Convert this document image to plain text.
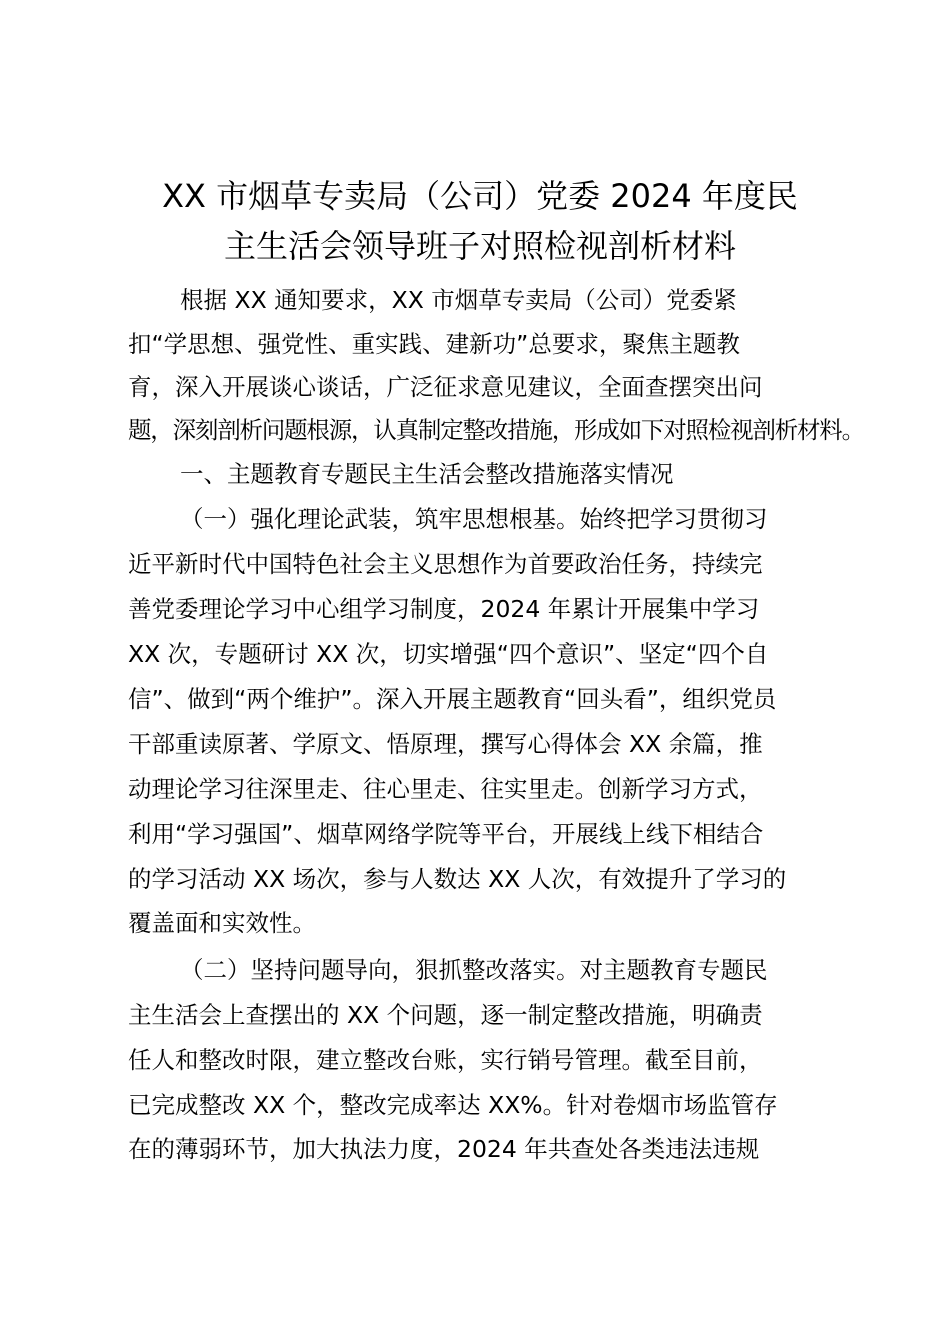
XX 市烟草专卖局（公司）党委 2024 年度民
主生活会领导班子对照检视剖析材料

根据 XX 通知要求，XX 市烟草专卖局（公司）党委紧

扣“学思想、强党性、重实践、建新功”总要求，聚焦主题教

育，深入开展谈心谈话，广泛征求意见建议，全面查摆突出问

题，深刻剖析问题根源，认真制定整改措施，形成如下对照检视剖析材料。

一、主题教育专题民主生活会整改措施落实情况

（一）强化理论武装，筑牢思想根基。始终把学习贯彻习

近平新时代中国特色社会主义思想作为首要政治任务，持续完

善党委理论学习中心组学习制度，2024 年累计开展集中学习

XX 次，专题研讨 XX 次，切实增强“四个意识”、坚定“四个自

信”、做到“两个维护”。深入开展主题教育“回头看”，组织党员

干部重读原著、学原文、悟原理，撰写心得体会 XX 余篇，推

动理论学习往深里走、往心里走、往实里走。创新学习方式，

利用“学习强国”、烟草网络学院等平台，开展线上线下相结合

的学习活动 XX 场次，参与人数达 XX 人次，有效提升了学习的

覆盖面和实效性。

（二）坚持问题导向，狠抓整改落实。对主题教育专题民

主生活会上查摆出的 XX 个问题，逐一制定整改措施，明确责

任人和整改时限，建立整改台账，实行销号管理。截至目前，

已完成整改 XX 个，整改完成率达 XX%。针对卷烟市场监管存

在的薄弱环节，加大执法力度，2024 年共查处各类违法违规
